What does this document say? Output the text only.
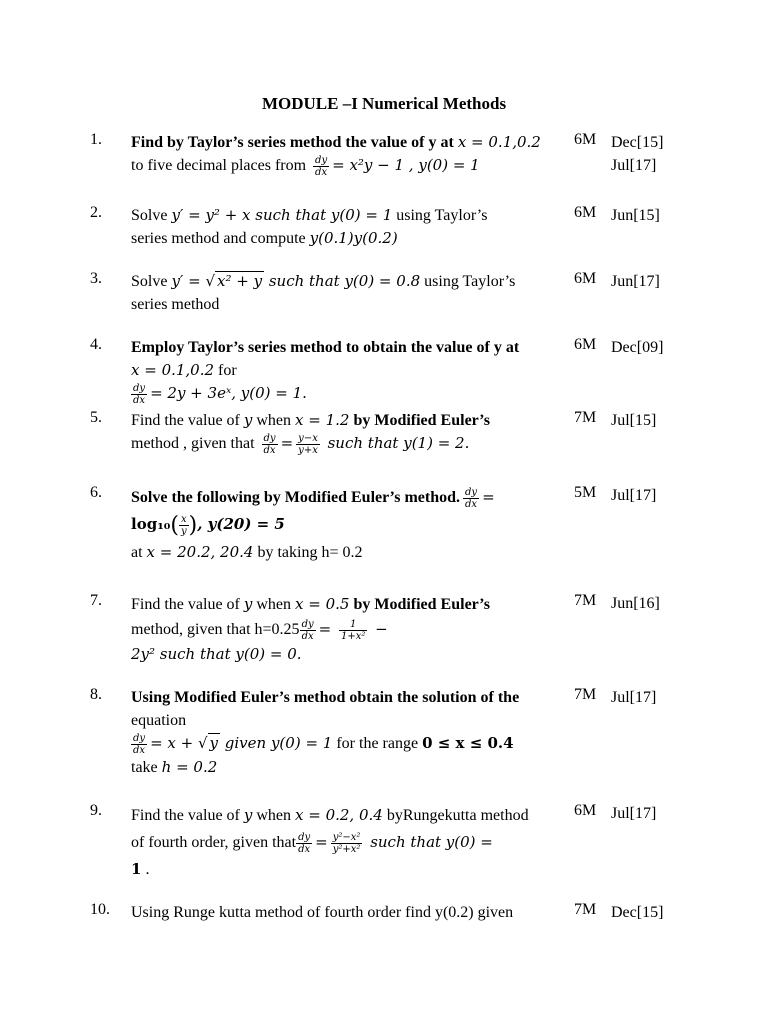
MODULE –I Numerical Methods
1. Find by Taylor’s series method the value of y at x = 0.1,0.2
to five decimal places from $\frac{dy}{dx} = x^2y - 1$ , y(0) = 1
6M Dec[15]
Jul[17]
2. Solve y′ = y² + x such that y(0) = 1 using Taylor’s
series method and compute y(0.1)y(0.2)
6M Jun[15]
3. Solve y′ = √ x² + y such that y(0) = 0.8 using Taylor’s
series method
6M Jun[17]
4. Employ Taylor’s series method to obtain the value of y at
x = 0.1,0.2 for

$\frac{dy}{dx} = 2y$ + 3eˣ, y(0) = 1.
6M Dec[09]
5. Find the value of y when x = 1.2 by Modified Euler’s
method , given that $\frac{dy}{dx} = \frac{y-x}{y+x}$ such that y(1) = 2.
7M Jul[15]
6. Solve the following by Modified Euler’s method. $\frac{dy}{dx}$ =
$\log_{10}( \frac{x}{y}$ ), y(20) = 5
at x = 20.2, 20.4 by taking h= 0.2
5M Jul[17]
7. Find the value of y when x = 0.5 by Modified Euler’s
method, given that $h=0.25 \frac{dy}{dx} = \frac{1}{\text{1+x²}}$ −
2y² such that y(0) = 0.
7M Jun[16]
8. Using Modified Euler’s method obtain the solution of the
equation

$\frac{dy}{dx} = x$ + √ y given y(0) = 1 for the range 0 ≤ x ≤ 0.4
take h = 0.2
7M Jul[17]
9. Find the value of y when x = 0.2, 0.4 byRungekutta method
of fourth order, given that $\frac{dy}{dx} = \frac{\text{y²−x²}}{\text{y²+x²}}$ such that y(0) =
1 .
6M Jul[17]
10. Using Runge kutta method of fourth order find y(0.2) given	7M Dec[15]
